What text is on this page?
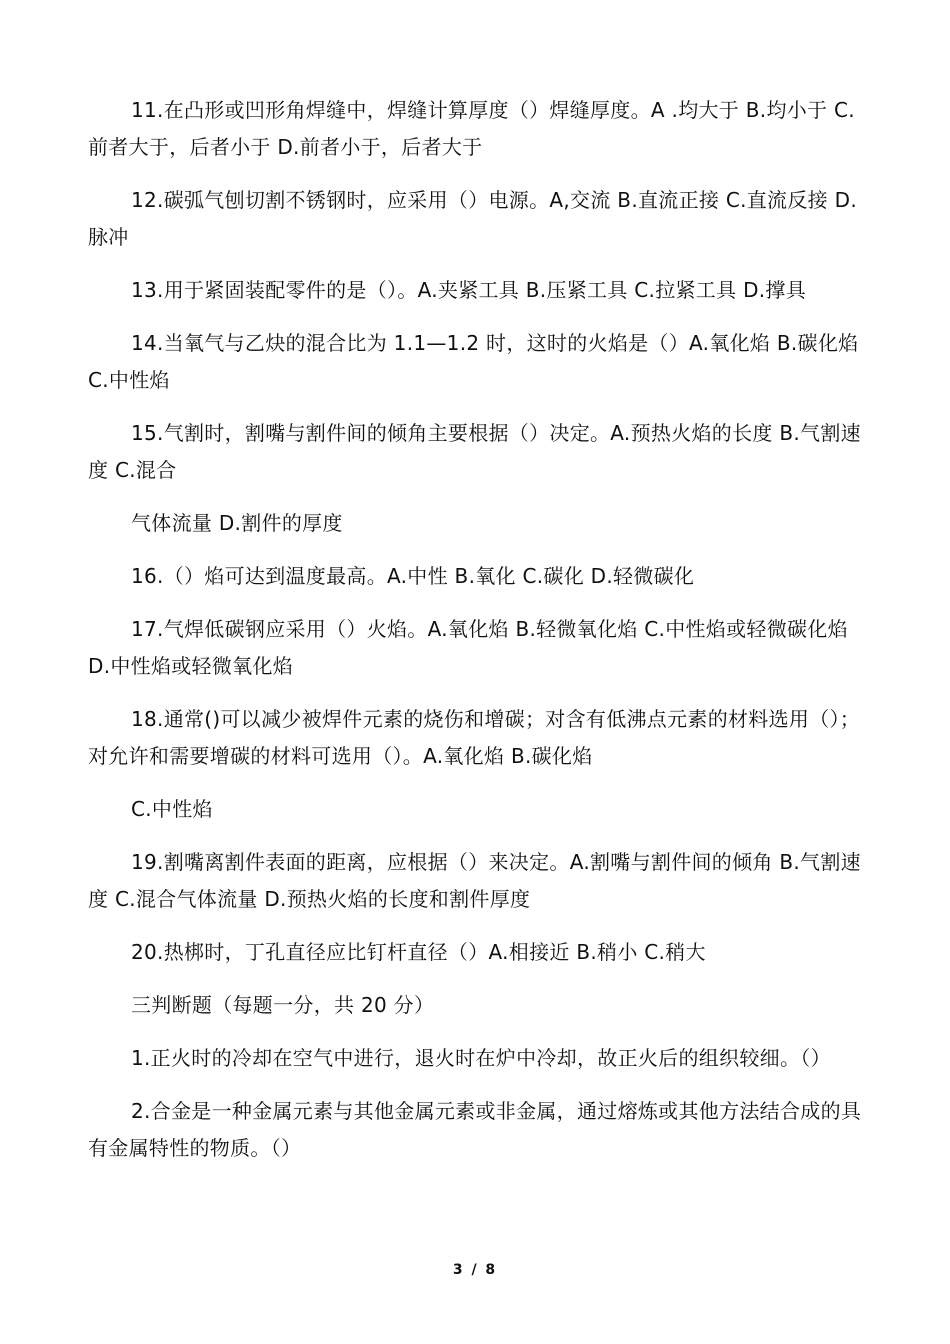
11.在凸形或凹形角焊缝中，焊缝计算厚度（）焊缝厚度。A .均大于 B.均小于 C.前者大于，后者小于 D.前者小于，后者大于

12.碳弧气刨切割不锈钢时，应采用（）电源。A,交流 B.直流正接 C.直流反接 D.脉冲

13.用于紧固装配零件的是（）。A.夹紧工具 B.压紧工具 C.拉紧工具 D.撑具

14.当氧气与乙炔的混合比为 1.1—1.2 时，这时的火焰是（）A.氧化焰 B.碳化焰 C.中性焰

15.气割时，割嘴与割件间的倾角主要根据（）决定。A.预热火焰的长度 B.气割速度 C.混合

气体流量 D.割件的厚度

16.（）焰可达到温度最高。A.中性 B.氧化 C.碳化 D.轻微碳化

17.气焊低碳钢应采用（）火焰。A.氧化焰 B.轻微氧化焰 C.中性焰或轻微碳化焰 D.中性焰或轻微氧化焰

18.通常()可以减少被焊件元素的烧伤和增碳；对含有低沸点元素的材料选用（）；对允许和需要增碳的材料可选用（）。A.氧化焰 B.碳化焰

C.中性焰

19.割嘴离割件表面的距离，应根据（）来决定。A.割嘴与割件间的倾角 B.气割速度 C.混合气体流量 D.预热火焰的长度和割件厚度

20.热梆时，丁孔直径应比钉杆直径（）A.相接近 B.稍小 C.稍大

三判断题（每题一分，共 20 分）

1.正火时的冷却在空气中进行，退火时在炉中冷却，故正火后的组织较细。（）

2.合金是一种金属元素与其他金属元素或非金属，通过熔炼或其他方法结合成的具有金属特性的物质。（）

3 / 8
